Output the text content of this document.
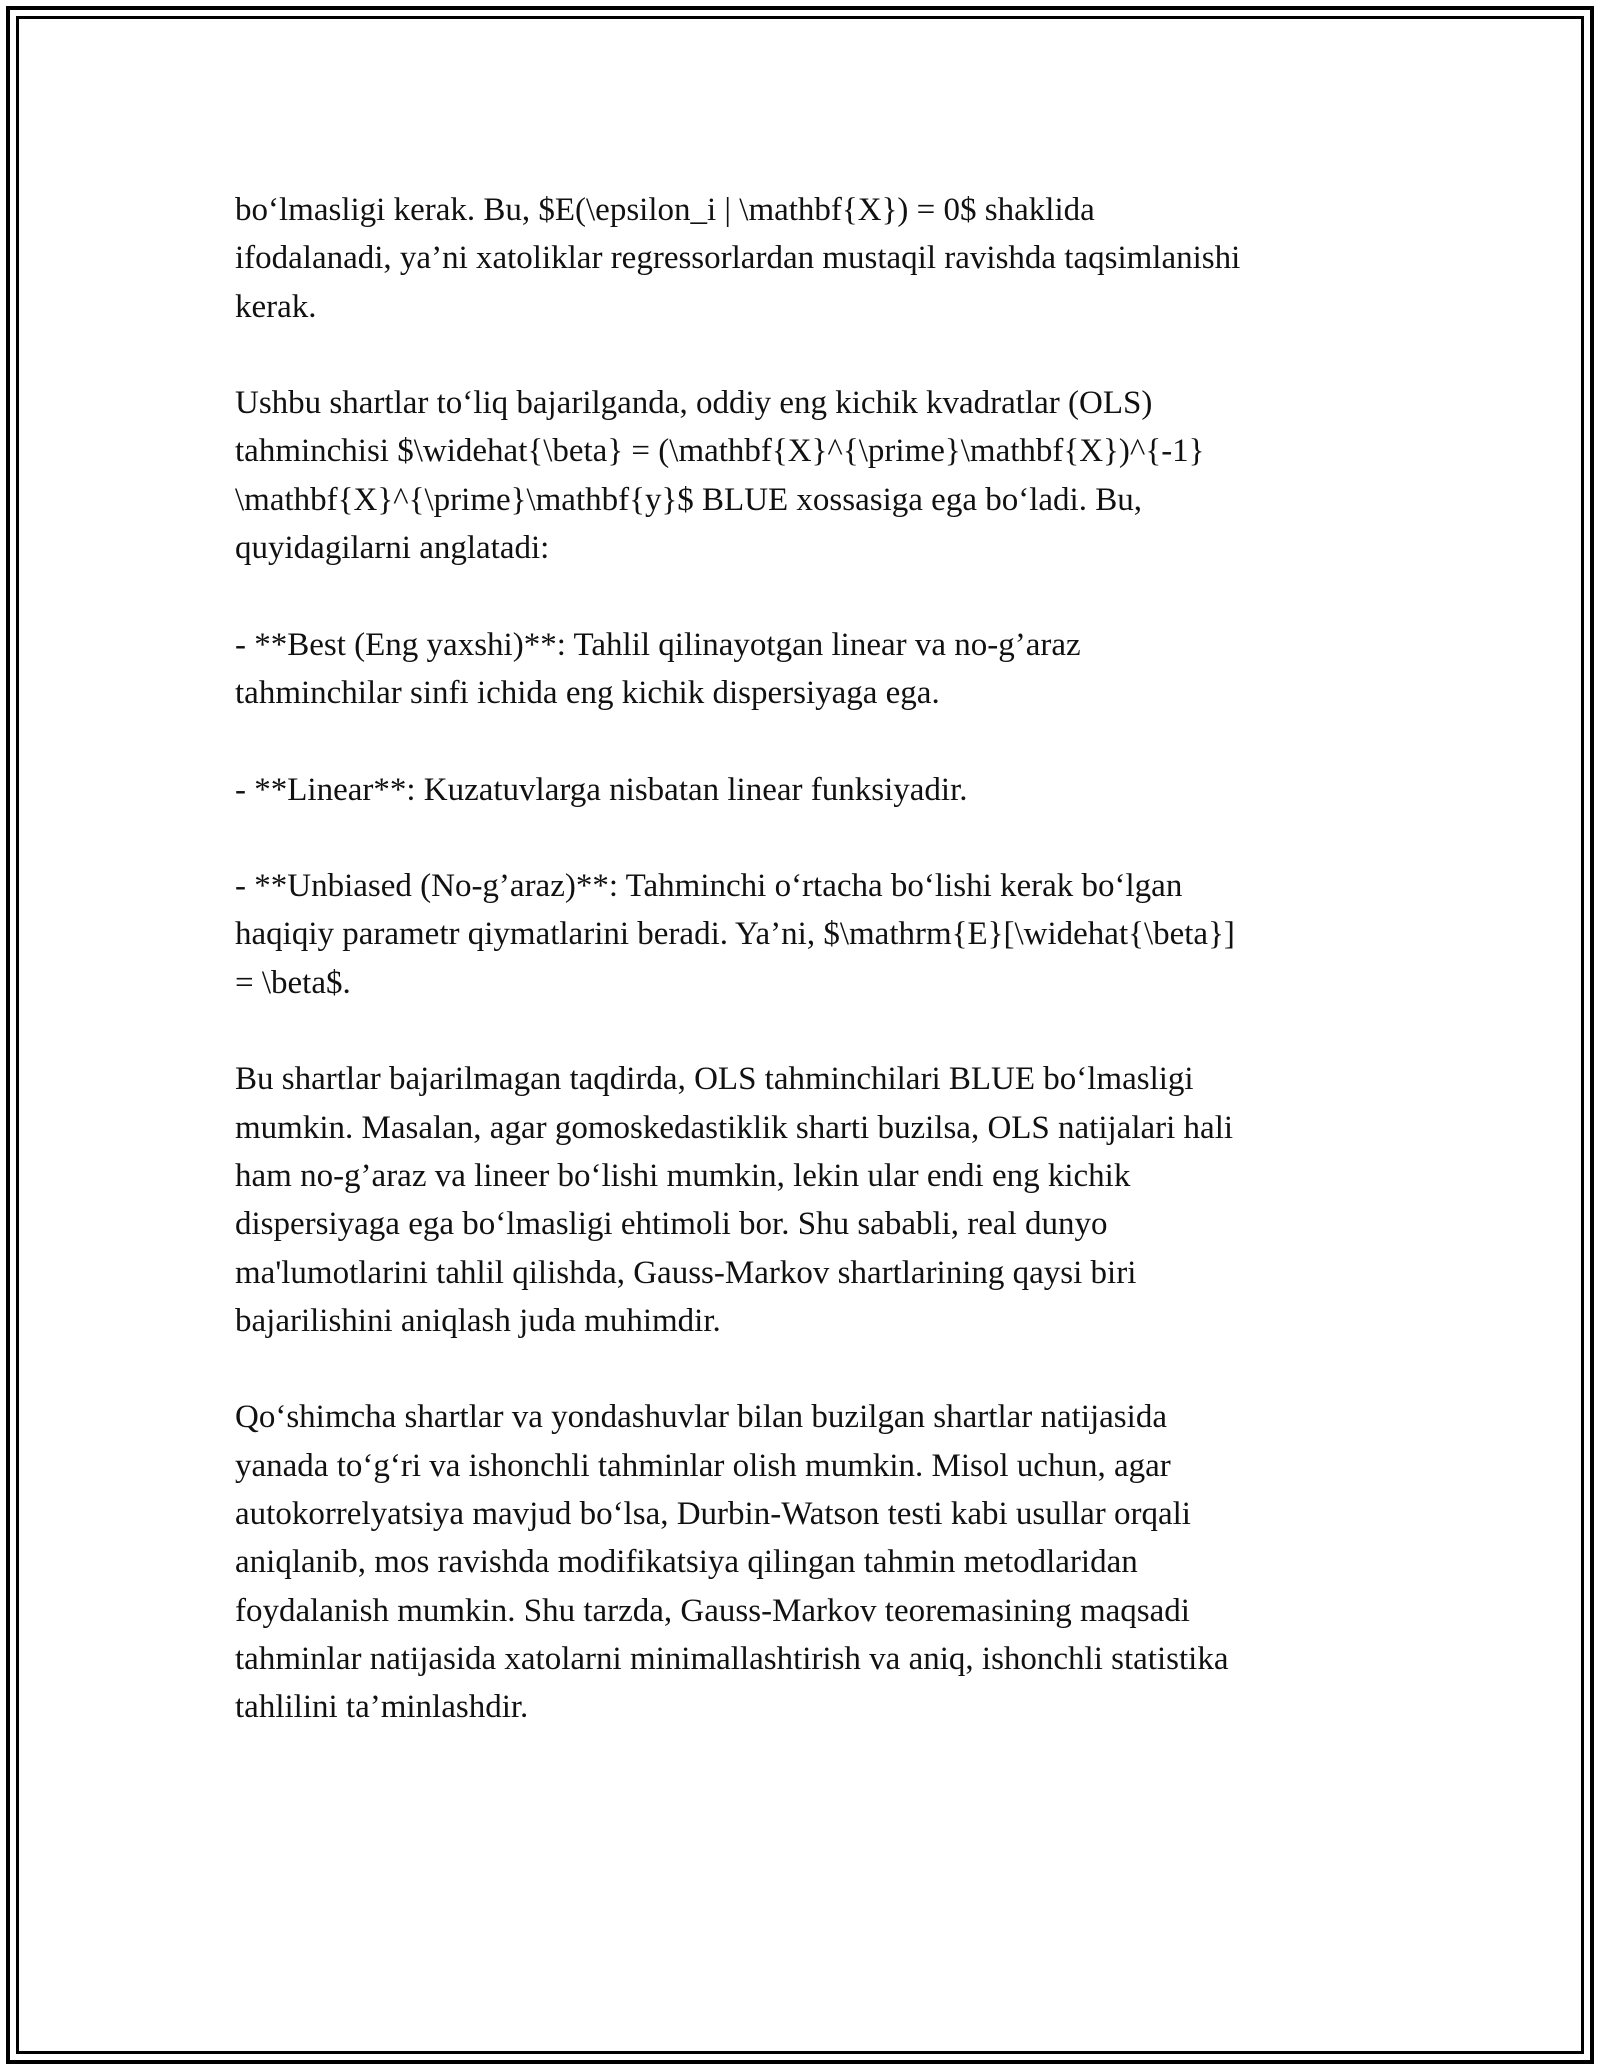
bo‘lmasligi kerak. Bu, $E(\epsilon_i | \mathbf{X}) = 0$ shaklida
ifodalanadi, ya’ni xatoliklar regressorlardan mustaqil ravishda taqsimlanishi
kerak.

Ushbu shartlar to‘liq bajarilganda, oddiy eng kichik kvadratlar (OLS)
tahminchisi $\widehat{\beta} = (\mathbf{X}^{\prime}\mathbf{X})^{-1}
\mathbf{X}^{\prime}\mathbf{y}$ BLUE xossasiga ega bo‘ladi. Bu,
quyidagilarni anglatadi:

- **Best (Eng yaxshi)**: Tahlil qilinayotgan linear va no-g’araz
tahminchilar sinfi ichida eng kichik dispersiyaga ega.

- **Linear**: Kuzatuvlarga nisbatan linear funksiyadir.

- **Unbiased (No-g’araz)**: Tahminchi o‘rtacha bo‘lishi kerak bo‘lgan
haqiqiy parametr qiymatlarini beradi. Ya’ni, $\mathrm{E}[\widehat{\beta}]
= \beta$.

Bu shartlar bajarilmagan taqdirda, OLS tahminchilari BLUE bo‘lmasligi
mumkin. Masalan, agar gomoskedastiklik sharti buzilsa, OLS natijalari hali
ham no-g’araz va lineer bo‘lishi mumkin, lekin ular endi eng kichik
dispersiyaga ega bo‘lmasligi ehtimoli bor. Shu sababli, real dunyo
ma'lumotlarini tahlil qilishda, Gauss-Markov shartlarining qaysi biri
bajarilishini aniqlash juda muhimdir.

Qo‘shimcha shartlar va yondashuvlar bilan buzilgan shartlar natijasida
yanada to‘g‘ri va ishonchli tahminlar olish mumkin. Misol uchun, agar
autokorrelyatsiya mavjud bo‘lsa, Durbin-Watson testi kabi usullar orqali
aniqlanib, mos ravishda modifikatsiya qilingan tahmin metodlaridan
foydalanish mumkin. Shu tarzda, Gauss-Markov teoremasining maqsadi
tahminlar natijasida xatolarni minimallashtirish va aniq, ishonchli statistika
tahlilini ta’minlashdir.
